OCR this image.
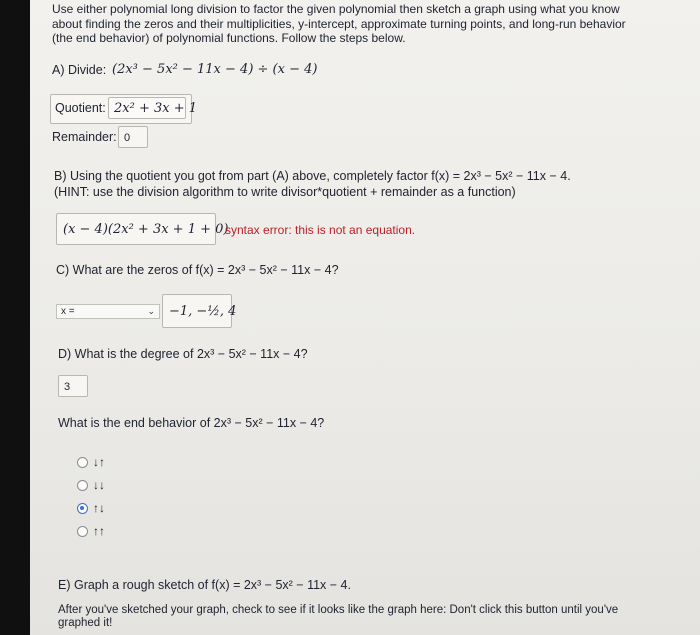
Use either polynomial long division to factor the given polynomial then sketch a graph using what you know about finding the zeros and their multiplicities, y-intercept, approximate turning points, and long-run behavior (the end behavior) of polynomial functions. Follow the steps below.
A) Divide: (2x³ − 5x² − 11x − 4) ÷ (x − 4)
Quotient: 2x² + 3x + 1
Remainder: 0
B) Using the quotient you got from part (A) above, completely factor f(x) = 2x³ − 5x² − 11x − 4.
(HINT: use the division algorithm to write divisor*quotient + remainder as a function)
(x − 4)(2x² + 3x + 1 + 0)
syntax error: this is not an equation.
C) What are the zeros of f(x) = 2x³ − 5x² − 11x − 4?
x =	⌄	−1, −½, 4
D) What is the degree of 2x³ − 5x² − 11x − 4?
3
What is the end behavior of 2x³ − 5x² − 11x − 4?
↓↑
↓↓
↑↓
↑↑
E) Graph a rough sketch of f(x) = 2x³ − 5x² − 11x − 4.
After you've sketched your graph, check to see if it looks like the graph here: Don't click this button until you've graphed it!
